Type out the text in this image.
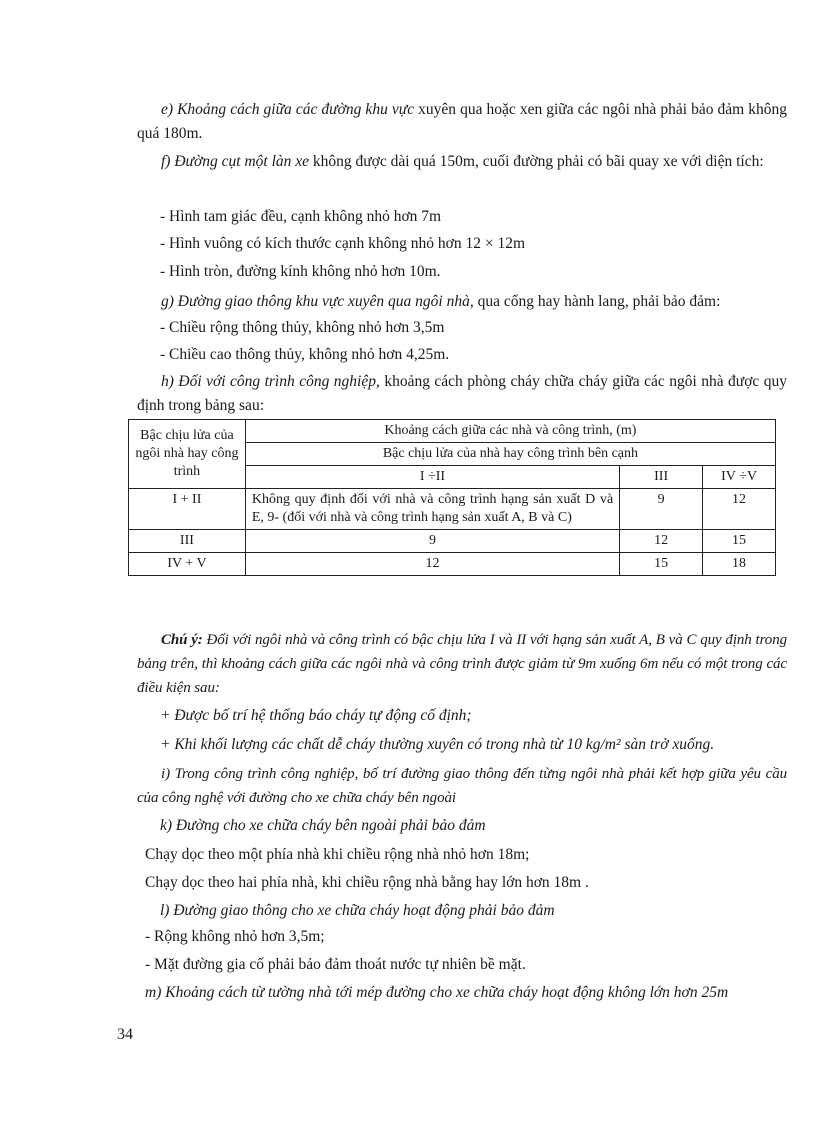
e) Khoảng cách giữa các đường khu vực xuyên qua hoặc xen giữa các ngôi nhà phải bảo đảm không quá 180m.
f) Đường cụt một làn xe không được dài quá 150m, cuối đường phải có bãi quay xe với diện tích:
- Hình tam giác đều, cạnh không nhỏ hơn 7m
- Hình vuông có kích thước cạnh không nhỏ hơn 12 × 12m
- Hình tròn, đường kính không nhỏ hơn 10m.
g) Đường giao thông khu vực xuyên qua ngôi nhà, qua cổng hay hành lang, phải bảo đảm:
- Chiều rộng thông thủy, không nhỏ hơn 3,5m
- Chiều cao thông thủy, không nhỏ hơn 4,25m.
h) Đối với công trình công nghiệp, khoảng cách phòng cháy chữa cháy giữa các ngôi nhà được quy định trong bảng sau:
Bậc chịu lửa của ngôi nhà hay công trình	Khoảng cách giữa các nhà và công trình, (m)		
	Bậc chịu lửa của nhà hay công trình bên cạnh		
	I ÷II	III	IV ÷V
I + II	Không quy định đối với nhà và công trình hạng sản xuất D và E, 9- (đối với nhà và công trình hạng sản xuất A, B và C)	9	12
III	9	12	15
IV + V	12	15	18
Chú ý: Đối với ngôi nhà và công trình có bậc chịu lửa I và II với hạng sản xuất A, B và C quy định trong bảng trên, thì khoảng cách giữa các ngôi nhà và công trình được giảm từ 9m xuống 6m nếu có một trong các điều kiện sau:
+ Được bố trí hệ thống báo cháy tự động cố định;
+ Khi khối lượng các chất dễ cháy thường xuyên có trong nhà từ 10 kg/m² sàn trở xuống.
i) Trong công trình công nghiệp, bố trí đường giao thông đến từng ngôi nhà phải kết hợp giữa yêu cầu của công nghệ với đường cho xe chữa cháy bên ngoài
k) Đường cho xe chữa cháy bên ngoài phải bảo đảm
Chạy dọc theo một phía nhà khi chiều rộng nhà nhỏ hơn 18m;
Chạy dọc theo hai phía nhà, khi chiều rộng nhà bằng hay lớn hơn 18m .
l) Đường giao thông cho xe chữa cháy hoạt động phải bảo đảm
- Rộng không nhỏ hơn 3,5m;
- Mặt đường gia cố phải bảo đảm thoát nước tự nhiên bề mặt.
m) Khoảng cách từ tường nhà tới mép đường cho xe chữa cháy hoạt động không lớn hơn 25m
34
